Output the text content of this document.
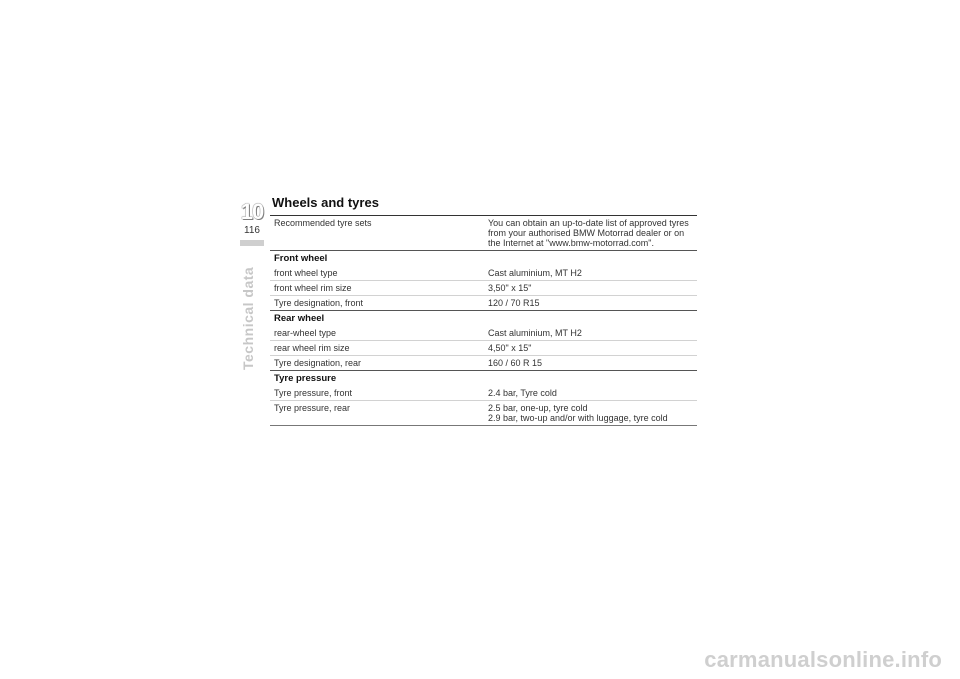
10
116
Technical data
Wheels and tyres
Recommended tyre sets	You can obtain an up-to-date list of approved tyres from your authorised BMW Motorrad dealer or on the Internet at "www.bmw-motorrad.com".
Front wheel	
front wheel type	Cast aluminium, MT H2
front wheel rim size	3,50" x 15"
Tyre designation, front	120 / 70 R15
Rear wheel	
rear-wheel type	Cast aluminium, MT H2
rear wheel rim size	4,50" x 15"
Tyre designation, rear	160 / 60 R 15
Tyre pressure	
Tyre pressure, front	2.4 bar, Tyre cold
Tyre pressure, rear	2.5 bar, one-up, tyre cold
2.9 bar, two-up and/or with luggage, tyre cold
carmanualsonline.info
